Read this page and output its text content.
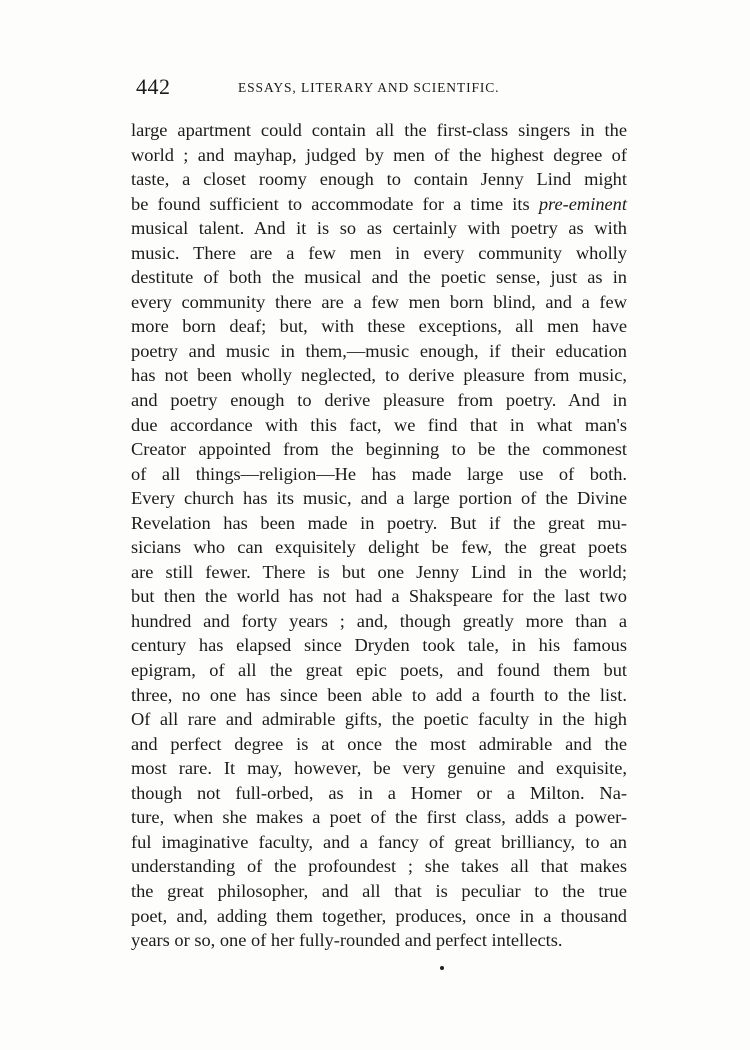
442	ESSAYS, LITERARY AND SCIENTIFIC.
large apartment could contain all the first-class singers in the
world ; and mayhap, judged by men of the highest degree of
taste, a closet roomy enough to contain Jenny Lind might
be found sufficient to accommodate for a time its pre-eminent
musical talent. And it is so as certainly with poetry as with
music. There are a few men in every community wholly
destitute of both the musical and the poetic sense, just as in
every community there are a few men born blind, and a few
more born deaf; but, with these exceptions, all men have
poetry and music in them,—music enough, if their education
has not been wholly neglected, to derive pleasure from music,
and poetry enough to derive pleasure from poetry. And in
due accordance with this fact, we find that in what man's
Creator appointed from the beginning to be the commonest
of all things—religion—He has made large use of both.
Every church has its music, and a large portion of the Divine
Revelation has been made in poetry. But if the great mu-
sicians who can exquisitely delight be few, the great poets
are still fewer. There is but one Jenny Lind in the world;
but then the world has not had a Shakspeare for the last two
hundred and forty years ; and, though greatly more than a
century has elapsed since Dryden took tale, in his famous
epigram, of all the great epic poets, and found them but
three, no one has since been able to add a fourth to the list.
Of all rare and admirable gifts, the poetic faculty in the high
and perfect degree is at once the most admirable and the
most rare. It may, however, be very genuine and exquisite,
though not full-orbed, as in a Homer or a Milton. Na-
ture, when she makes a poet of the first class, adds a power-
ful imaginative faculty, and a fancy of great brilliancy, to an
understanding of the profoundest ; she takes all that makes
the great philosopher, and all that is peculiar to the true
poet, and, adding them together, produces, once in a thousand
years or so, one of her fully-rounded and perfect intellects.
